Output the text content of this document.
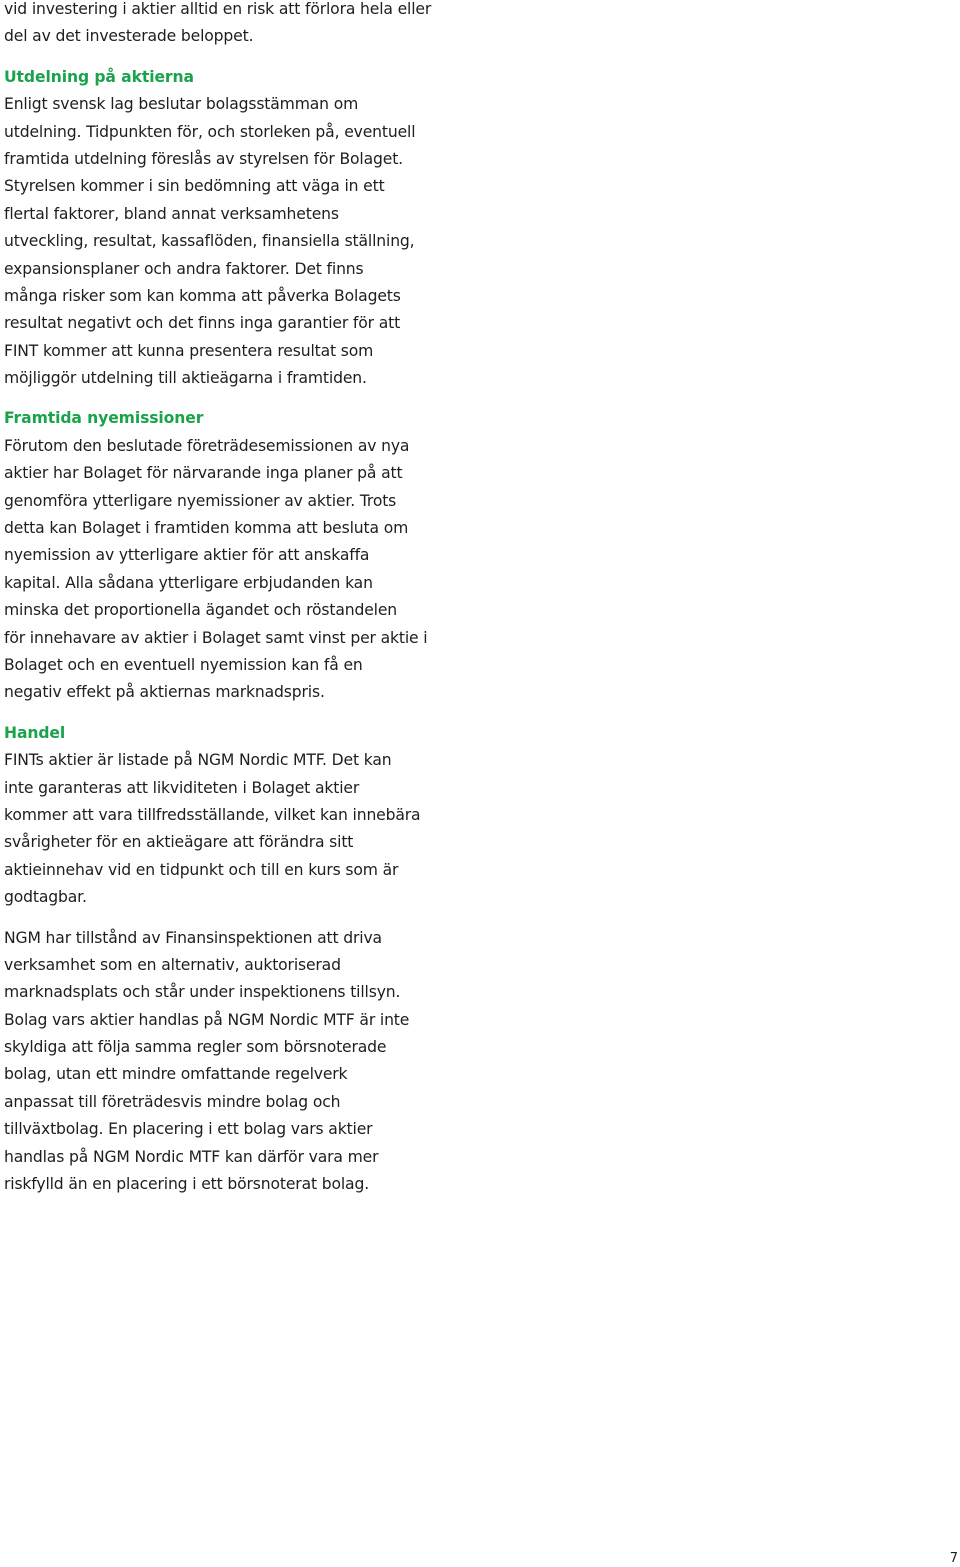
vid investering i aktier alltid en risk att förlora hela eller
del av det investerade beloppet.
Utdelning på aktierna
Enligt svensk lag beslutar bolagsstämman om
utdelning. Tidpunkten för, och storleken på, eventuell
framtida utdelning föreslås av styrelsen för Bolaget.
Styrelsen kommer i sin bedömning att väga in ett
flertal faktorer, bland annat verksamhetens
utveckling, resultat, kassaflöden, finansiella ställning,
expansionsplaner och andra faktorer. Det finns
många risker som kan komma att påverka Bolagets
resultat negativt och det finns inga garantier för att
FINT kommer att kunna presentera resultat som
möjliggör utdelning till aktieägarna i framtiden.
Framtida nyemissioner
Förutom den beslutade företrädesemissionen av nya
aktier har Bolaget för närvarande inga planer på att
genomföra ytterligare nyemissioner av aktier. Trots
detta kan Bolaget i framtiden komma att besluta om
nyemission av ytterligare aktier för att anskaffa
kapital. Alla sådana ytterligare erbjudanden kan
minska det proportionella ägandet och röstandelen
för innehavare av aktier i Bolaget samt vinst per aktie i
Bolaget och en eventuell nyemission kan få en
negativ effekt på aktiernas marknadspris.
Handel
FINTs aktier är listade på NGM Nordic MTF. Det kan
inte garanteras att likviditeten i Bolaget aktier
kommer att vara tillfredsställande, vilket kan innebära
svårigheter för en aktieägare att förändra sitt
aktieinnehav vid en tidpunkt och till en kurs som är
godtagbar.
NGM har tillstånd av Finansinspektionen att driva
verksamhet som en alternativ, auktoriserad
marknadsplats och står under inspektionens tillsyn.
Bolag vars aktier handlas på NGM Nordic MTF är inte
skyldiga att följa samma regler som börsnoterade
bolag, utan ett mindre omfattande regelverk
anpassat till företrädesvis mindre bolag och
tillväxtbolag. En placering i ett bolag vars aktier
handlas på NGM Nordic MTF kan därför vara mer
riskfylld än en placering i ett börsnoterat bolag.
7
